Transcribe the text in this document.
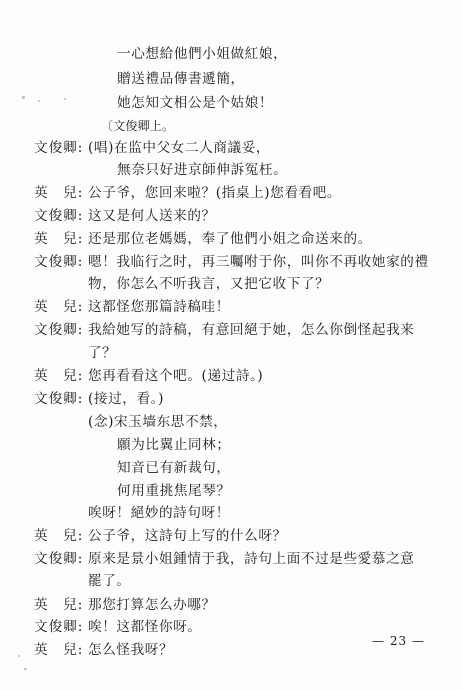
一心想給他們小姐做紅娘，
贈送禮品傳書遞簡，
她怎知文相公是个姑娘！
〔文俊卿上。
文俊卿: (唱)在监中父女二人商議妥，
無奈只好进京師伸訴冤枉。
英　兒: 公子爷，您回来啦？(指桌上)您看看吧。
文俊卿: 这又是何人送来的？
英　兒: 还是那位老媽媽，奉了他們小姐之命送来的。
文俊卿: 嗯！我临行之时，再三囑咐于你，叫你不再收她家的禮
物，你怎么不听我言，又把它收下了？
英　兒: 这都怪您那篇詩稿哇！
文俊卿: 我給她写的詩稿，有意回絕于她，怎么你倒怪起我来
了？
英　兒: 您再看看这个吧。(递过詩。)
文俊卿: (接过，看。)
(念)宋玉墙东思不禁，
願为比翼止同林；
知音已有新裁句，
何用重挑焦尾琴？
唉呀！絕妙的詩句呀！
英　兒: 公子爷，这詩句上写的什么呀？
文俊卿: 原来是景小姐鍾情于我，詩句上面不过是些愛慕之意
罷了。
英　兒: 那您打算怎么办哪？
文俊卿: 唉！这都怪你呀。
英　兒: 怎么怪我呀？
— 23 —
